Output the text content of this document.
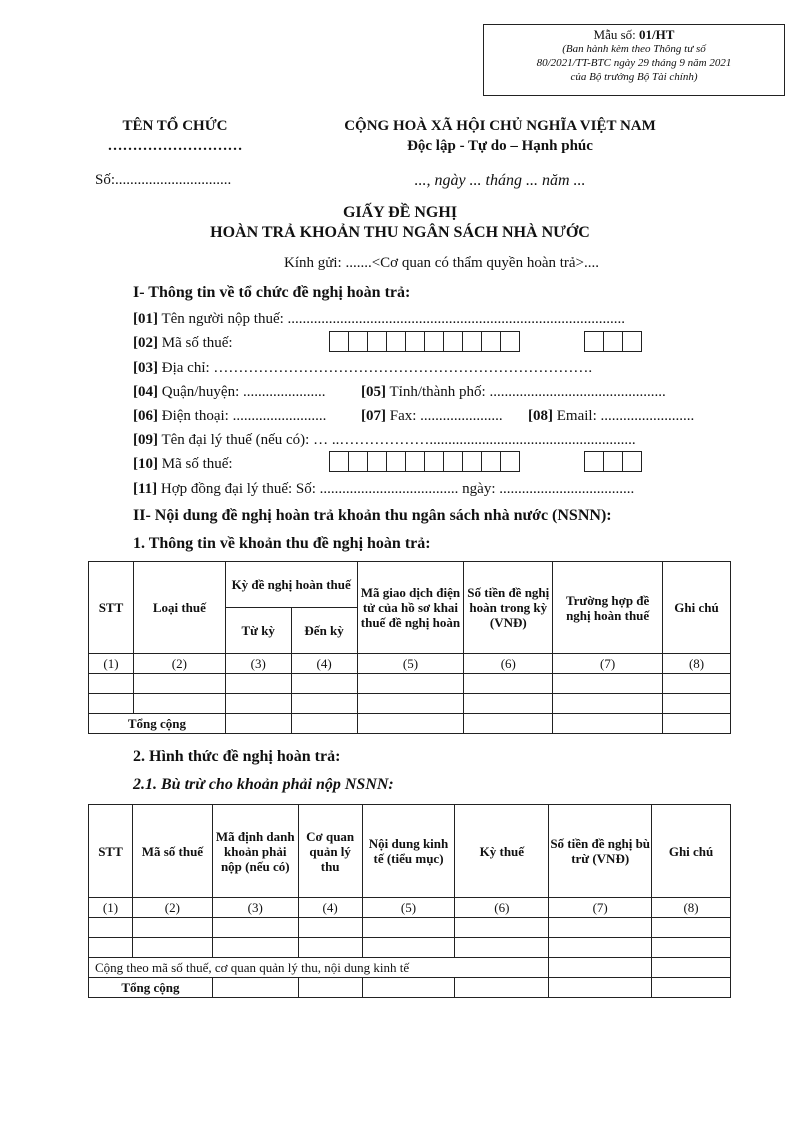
Mẫu số: 01/HT
(Ban hành kèm theo Thông tư số
80/2021/TT-BTC ngày 29 tháng 9 năm 2021
của Bộ trưởng Bộ Tài chính)
TÊN TỔ CHỨC
………………………
Số:...............................
CỘNG HOÀ XÃ HỘI CHỦ NGHĨA VIỆT NAM
Độc lập - Tự do – Hạnh phúc
..., ngày ... tháng ... năm ...
GIẤY ĐỀ NGHỊ
HOÀN TRẢ KHOẢN THU NGÂN SÁCH NHÀ NƯỚC
Kính gửi: .......<Cơ quan có thẩm quyền hoàn trả>....
I- Thông tin về tổ chức đề nghị hoàn trả:
[01] Tên người nộp thuế: ..........................................................................................
[02] Mã số thuế:
[03] Địa chỉ: ………………………………………………………………….
[04] Quận/huyện: ...................... [05] Tỉnh/thành phố: ...............................................
[06] Điện thoại: ......................... [07] Fax: ...................... [08] Email: .........................
[09] Tên đại lý thuế (nếu có): … ..……………….......................................................
[10] Mã số thuế:
[11] Hợp đồng đại lý thuế: Số: ..................................... ngày: ....................................
II- Nội dung đề nghị hoàn trả khoản thu ngân sách nhà nước (NSNN):
1. Thông tin về khoản thu đề nghị hoàn trả:
STT	Loại thuế	Kỳ đề nghị hoàn thuế		Mã giao dịch điện tử của hồ sơ khai thuế đề nghị hoàn	Số tiền đề nghị hoàn trong kỳ (VNĐ)	Trường hợp đề nghị hoàn thuế	Ghi chú
		Từ kỳ	Đến kỳ				
(1)	(2)	(3)	(4)	(5)	(6)	(7)	(8)

Tổng cộng							
2. Hình thức đề nghị hoàn trả:
2.1. Bù trừ cho khoản phải nộp NSNN:
STT	Mã số thuế	Mã định danh khoản phải nộp (nếu có)	Cơ quan quản lý thu	Nội dung kinh tế (tiểu mục)	Kỳ thuế	Số tiền đề nghị bù trừ (VNĐ)	Ghi chú
(1)	(2)	(3)	(4)	(5)	(6)	(7)	(8)

Cộng theo mã số thuế, cơ quan quản lý thu, nội dung kinh tế							
Tổng cộng							
